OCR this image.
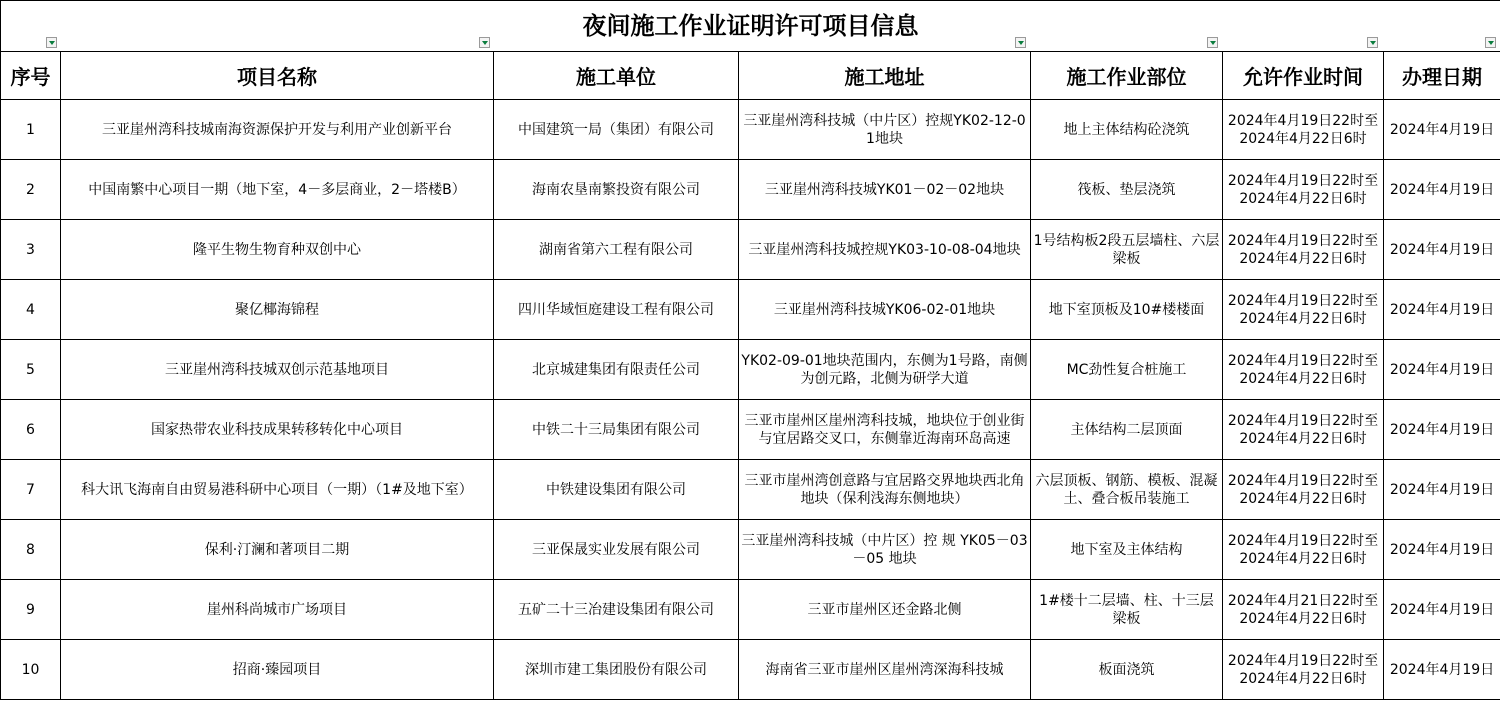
夜间施工作业证明许可项目信息						
序号	项目名称	施工单位	施工地址	施工作业部位	允许作业时间	办理日期
1	三亚崖州湾科技城南海资源保护开发与利用产业创新平台	中国建筑一局（集团）有限公司	三亚崖州湾科技城（中片区）控规YK02-12-01地块	地上主体结构砼浇筑	2024年4月19日22时至2024年4月22日6时	2024年4月19日
2	中国南繁中心项目一期（地下室，4－多层商业，2－塔楼B）	海南农垦南繁投资有限公司	三亚崖州湾科技城YK01－02－02地块	筏板、垫层浇筑	2024年4月19日22时至2024年4月22日6时	2024年4月19日
3	隆平生物生物育种双创中心	湖南省第六工程有限公司	三亚崖州湾科技城控规YK03-10-08-04地块	1号结构板2段五层墙柱、六层梁板	2024年4月19日22时至2024年4月22日6时	2024年4月19日
4	聚亿椰海锦程	四川华域恒庭建设工程有限公司	三亚崖州湾科技城YK06-02-01地块	地下室顶板及10#楼楼面	2024年4月19日22时至2024年4月22日6时	2024年4月19日
5	三亚崖州湾科技城双创示范基地项目	北京城建集团有限责任公司	YK02-09-01地块范围内，东侧为1号路，南侧为创元路，北侧为研学大道	MC劲性复合桩施工	2024年4月19日22时至2024年4月22日6时	2024年4月19日
6	国家热带农业科技成果转移转化中心项目	中铁二十三局集团有限公司	三亚市崖州区崖州湾科技城，地块位于创业街与宜居路交叉口，东侧靠近海南环岛高速	主体结构二层顶面	2024年4月19日22时至2024年4月22日6时	2024年4月19日
7	科大讯飞海南自由贸易港科研中心项目（一期）（1#及地下室）	中铁建设集团有限公司	三亚市崖州湾创意路与宜居路交界地块西北角地块（保利浅海东侧地块）	六层顶板、钢筋、模板、混凝土、叠合板吊装施工	2024年4月19日22时至2024年4月22日6时	2024年4月19日
8	保利·汀澜和著项目二期	三亚保晟实业发展有限公司	三亚崖州湾科技城（中片区）控 规 YK05－03－05 地块	地下室及主体结构	2024年4月19日22时至2024年4月22日6时	2024年4月19日
9	崖州科尚城市广场项目	五矿二十三冶建设集团有限公司	三亚市崖州区还金路北侧	1#楼十二层墙、柱、十三层梁板	2024年4月21日22时至2024年4月22日6时	2024年4月19日
10	招商·臻园项目	深圳市建工集团股份有限公司	海南省三亚市崖州区崖州湾深海科技城	板面浇筑	2024年4月19日22时至2024年4月22日6时	2024年4月19日
